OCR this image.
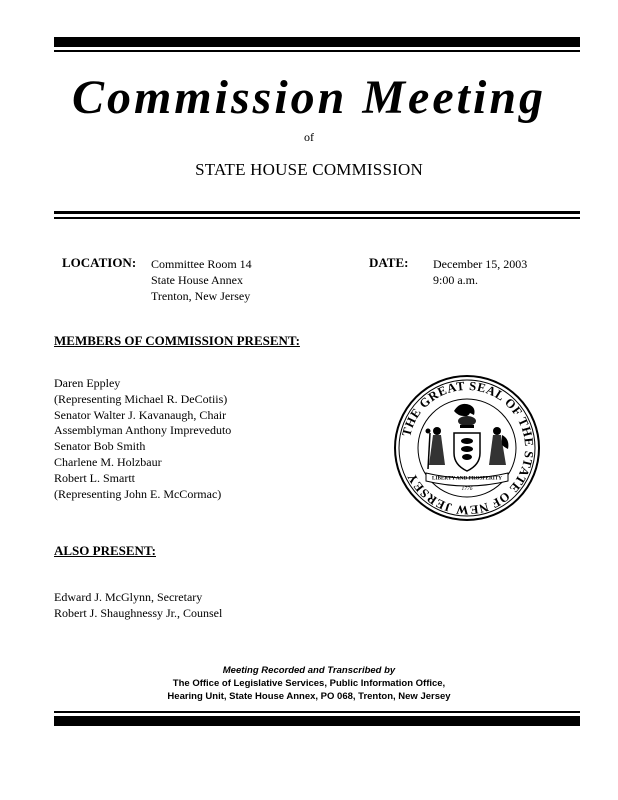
Commission Meeting
of
STATE HOUSE COMMISSION
LOCATION: Committee Room 14
State House Annex
Trenton, New Jersey
DATE: December 15, 2003
9:00 a.m.
MEMBERS OF COMMISSION PRESENT:
Daren Eppley
(Representing Michael R. DeCotiis)
Senator Walter J. Kavanaugh, Chair
Assemblyman Anthony Impreveduto
Senator Bob Smith
Charlene M. Holzbaur
Robert L. Smartt
(Representing John E. McCormac)
THE GREAT SEAL OF THE STATE OF NEW JERSEY	LIBERTY AND PROSPERITY
1776
ALSO PRESENT:
Edward J. McGlynn, Secretary
Robert J. Shaughnessy Jr., Counsel
Meeting Recorded and Transcribed by
The Office of Legislative Services, Public Information Office,
Hearing Unit, State House Annex, PO 068, Trenton, New Jersey
